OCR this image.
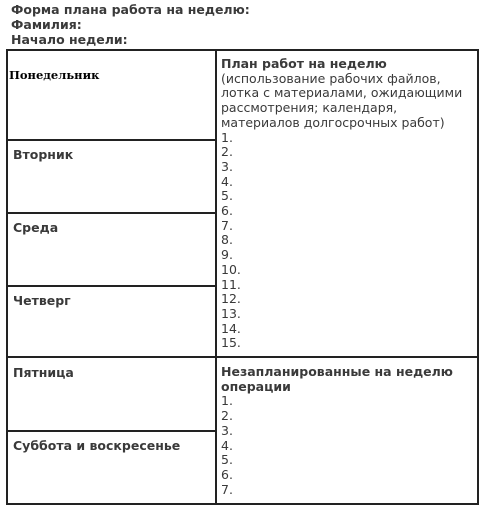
Форма плана работа на неделю:
Фамилия:
Начало недели:
Понедельник
Вторник
Среда
Четверг
Пятница
Суббота и воскресенье
План работ на неделю
(использование рабочих файлов, лотка с материалами, ожидающими рассмотрения; календаря, материалов долгосрочных работ)
1.
2.
3.
4.
5.
6.
7.
8.
9.
10.
11.
12.
13.
14.
15.
Незапланированные на неделю операции
1.
2.
3.
4.
5.
6.
7.
